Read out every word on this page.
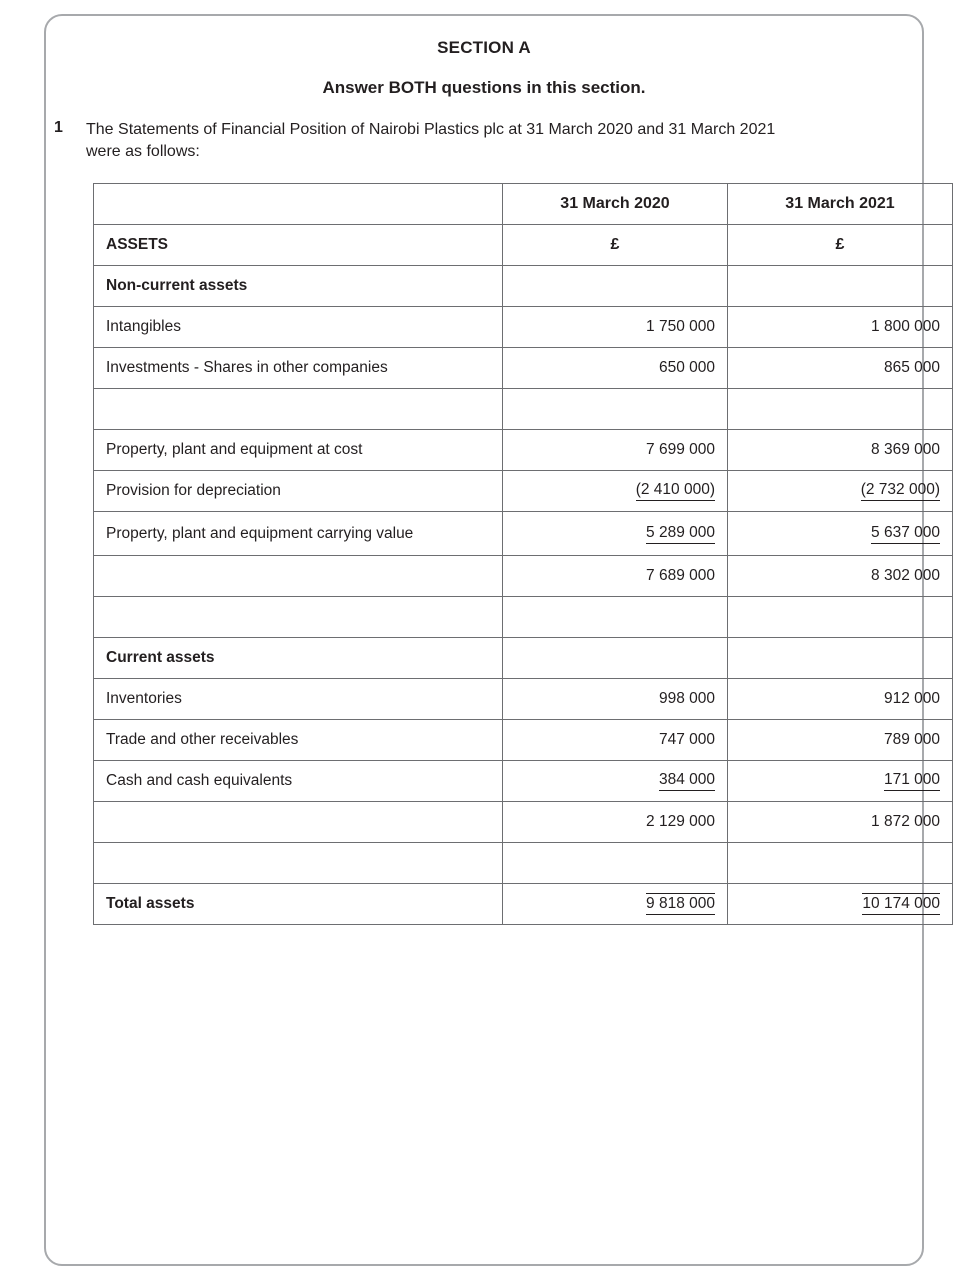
SECTION A
Answer BOTH questions in this section.
1	The Statements of Financial Position of Nairobi Plastics plc at 31 March 2020 and 31 March 2021 were as follows:
	31 March 2020	31 March 2021
ASSETS	£	£
Non-current assets		
Intangibles	1 750 000	1 800 000
Investments - Shares in other companies	650 000	865 000

Property, plant and equipment at cost	7 699 000	8 369 000
Provision for depreciation	(2 410 000)	(2 732 000)
Property, plant and equipment carrying value	5 289 000	5 637 000
	7 689 000	8 302 000

Current assets		
Inventories	998 000	912 000
Trade and other receivables	747 000	789 000
Cash and cash equivalents	384 000	171 000
	2 129 000	1 872 000

Total assets	9 818 000	10 174 000
